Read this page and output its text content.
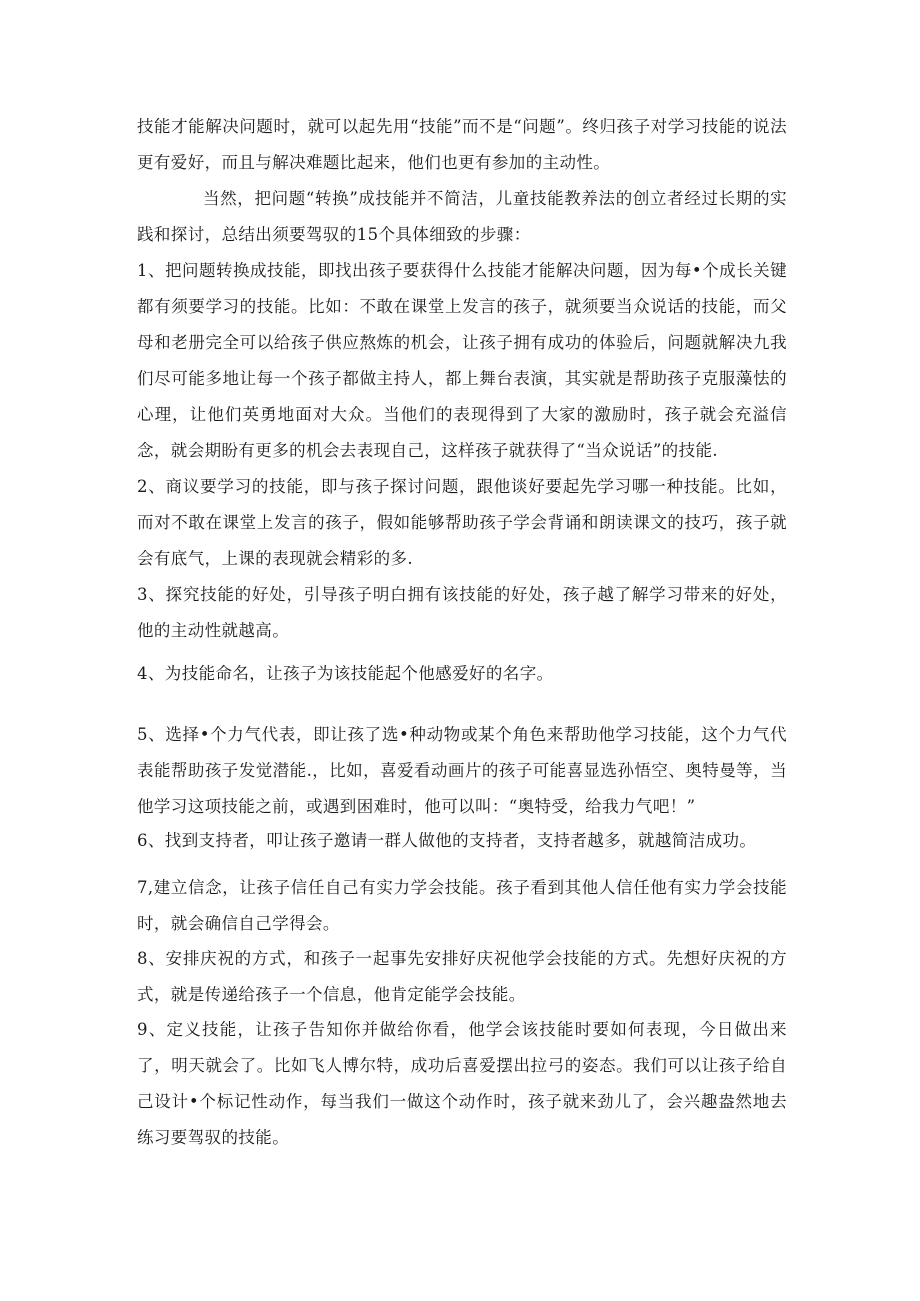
技能才能解决问题时，就可以起先用“技能”而不是“问题”。终归孩子对学习技能的说法更有爱好，而且与解决难题比起来，他们也更有参加的主动性。

当然，把问题“转换”成技能并不简洁，儿童技能教养法的创立者经过长期的实践和探讨，总结出须要驾驭的15个具体细致的步骤：

1、把问题转换成技能，即找出孩子要获得什么技能才能解决问题，因为每•个成长关键都有须要学习的技能。比如：不敢在课堂上发言的孩子，就须要当众说话的技能，而父母和老册完全可以给孩子供应熬炼的机会，让孩子拥有成功的体验后，问题就解决九我们尽可能多地让每一个孩子都做主持人，都上舞台表演，其实就是帮助孩子克服藻怯的心理，让他们英勇地面对大众。当他们的表现得到了大家的激励时，孩子就会充溢信念，就会期盼有更多的机会去表现自己，这样孩子就获得了“当众说话”的技能.

2、商议要学习的技能，即与孩子探讨问题，跟他谈好要起先学习哪一种技能。比如，而对不敢在课堂上发言的孩子，假如能够帮助孩子学会背诵和朗读课文的技巧，孩子就会有底气，上课的表现就会精彩的多.

3、探究技能的好处，引导孩子明白拥有该技能的好处，孩子越了解学习带来的好处，他的主动性就越高。

4、为技能命名，让孩子为该技能起个他感爱好的名字。

5、选择•个力气代表，即让孩了选•种动物或某个角色来帮助他学习技能，这个力气代表能帮助孩子发觉潜能.，比如，喜爱看动画片的孩子可能喜显选孙悟空、奥特曼等，当他学习这项技能之前，或遇到困难时，他可以叫：“奥特受，给我力气吧！”

6、找到支持者，叩让孩子邀请一群人做他的支持者，支持者越多，就越简洁成功。

7,建立信念，让孩子信任自己有实力学会技能。孩子看到其他人信任他有实力学会技能时，就会确信自己学得会。

8、安排庆祝的方式，和孩子一起事先安排好庆祝他学会技能的方式。先想好庆祝的方式，就是传递给孩子一个信息，他肯定能学会技能。

9、定义技能，让孩子告知你并做给你看，他学会该技能时要如何表现，今日做出来了，明天就会了。比如飞人博尔特，成功后喜爱摆出拉弓的姿态。我们可以让孩子给自己设计•个标记性动作，每当我们一做这个动作时，孩子就来劲儿了，会兴趣盎然地去练习要驾驭的技能。
